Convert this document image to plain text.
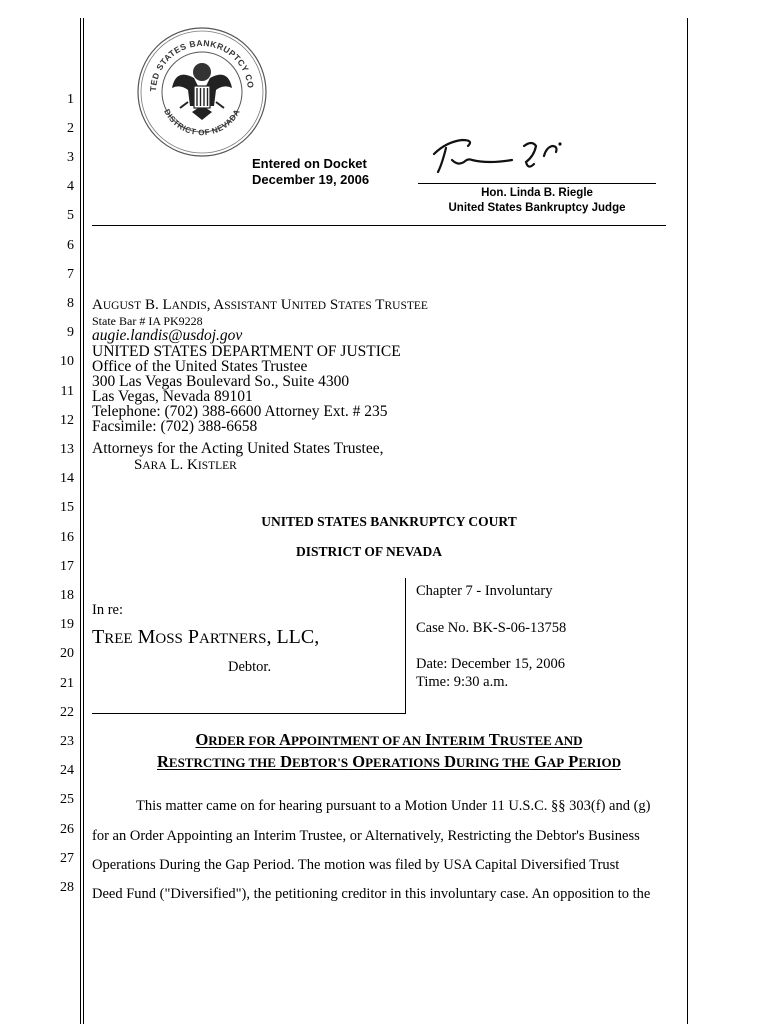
TED STATES BANKRUPTCY CO
DISTRICT OF NEVADA
Entered on Docket
December 19, 2006
Hon. Linda B. Riegle
United States Bankruptcy Judge
1
2
3
4
5
6
7
8
9
10
11
12
13
14
15
16
17
18
19
20
21
22
23
24
25
26
27
28
AUGUST B. LANDIS, ASSISTANT UNITED STATES TRUSTEE
State Bar # IA PK9228
augie.landis@usdoj.gov
UNITED STATES DEPARTMENT OF JUSTICE
Office of the United States Trustee
300 Las Vegas Boulevard So., Suite 4300
Las Vegas, Nevada 89101
Telephone: (702) 388-6600 Attorney Ext. # 235
Facsimile: (702) 388-6658
Attorneys for the Acting United States Trustee,
SARA L. KISTLER
UNITED STATES BANKRUPTCY COURT
DISTRICT OF NEVADA
In re:
TREE MOSS PARTNERS, LLC,
Debtor.
Chapter 7 - Involuntary
Case No. BK-S-06-13758
Date: December 15, 2006
Time: 9:30 a.m.
ORDER FOR APPOINTMENT OF AN INTERIM TRUSTEE AND
RESTRCTING THE DEBTOR'S OPERATIONS DURING THE GAP PERIOD
This matter came on for hearing pursuant to a Motion Under 11 U.S.C. §§ 303(f) and (g)
for an Order Appointing an Interim Trustee, or Alternatively, Restricting the Debtor's Business
Operations During the Gap Period. The motion was filed by USA Capital Diversified Trust
Deed Fund ("Diversified"), the petitioning creditor in this involuntary case. An opposition to the
